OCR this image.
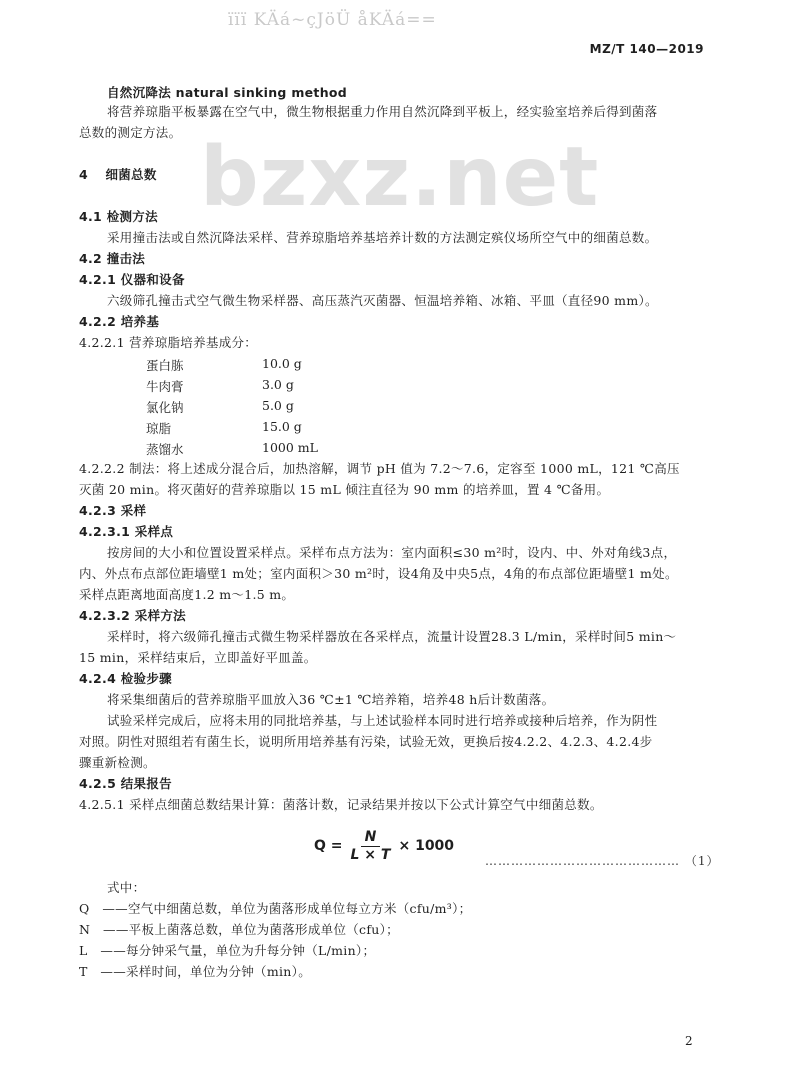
ïïï KÄá~çJöÜ åKÄá==
MZ/T 140—2019
bzxz.net
自然沉降法 natural sinking method
将营养琼脂平板暴露在空气中，微生物根据重力作用自然沉降到平板上，经实验室培养后得到菌落
总数的测定方法。
4　 细菌总数
4.1 检测方法
采用撞击法或自然沉降法采样、营养琼脂培养基培养计数的方法测定殡仪场所空气中的细菌总数。
4.2 撞击法
4.2.1 仪器和设备
六级筛孔撞击式空气微生物采样器、高压蒸汽灭菌器、恒温培养箱、冰箱、平皿（直径90 mm）。
4.2.2 培养基
4.2.2.1 营养琼脂培养基成分：
蛋白胨	10.0 g
牛肉膏	3.0 g
氯化钠	5.0 g
琼脂	15.0 g
蒸馏水	1000 mL
4.2.2.2 制法：将上述成分混合后，加热溶解，调节 pH 值为 7.2～7.6，定容至 1000 mL，121 ℃高压
灭菌 20 min。将灭菌好的营养琼脂以 15 mL 倾注直径为 90 mm 的培养皿，置 4 ℃备用。
4.2.3 采样
4.2.3.1 采样点
按房间的大小和位置设置采样点。采样布点方法为：室内面积≤30 m²时，设内、中、外对角线3点，
内、外点布点部位距墙壁1 m处；室内面积＞30 m²时，设4角及中央5点，4角的布点部位距墙壁1 m处。
采样点距离地面高度1.2 m～1.5 m。
4.2.3.2 采样方法
采样时，将六级筛孔撞击式微生物采样器放在各采样点，流量计设置28.3 L/min，采样时间5 min～
15 min，采样结束后，立即盖好平皿盖。
4.2.4 检验步骤
将采集细菌后的营养琼脂平皿放入36 ℃±1 ℃培养箱，培养48 h后计数菌落。
试验采样完成后，应将未用的同批培养基，与上述试验样本同时进行培养或接种后培养，作为阴性
对照。阴性对照组若有菌生长，说明所用培养基有污染，试验无效，更换后按4.2.2、4.2.3、4.2.4步
骤重新检测。
4.2.5 结果报告
4.2.5.1 采样点细菌总数结果计算：菌落计数，记录结果并按以下公式计算空气中细菌总数。
$Q = \frac{N}{L \times T} \times 1000$
……………………………………… （1）
式中：
Q　——空气中细菌总数，单位为菌落形成单位每立方米（cfu/m³）；
N　——平板上菌落总数，单位为菌落形成单位（cfu）；
L　——每分钟采气量，单位为升每分钟（L/min）；
T　——采样时间，单位为分钟（min）。
2
